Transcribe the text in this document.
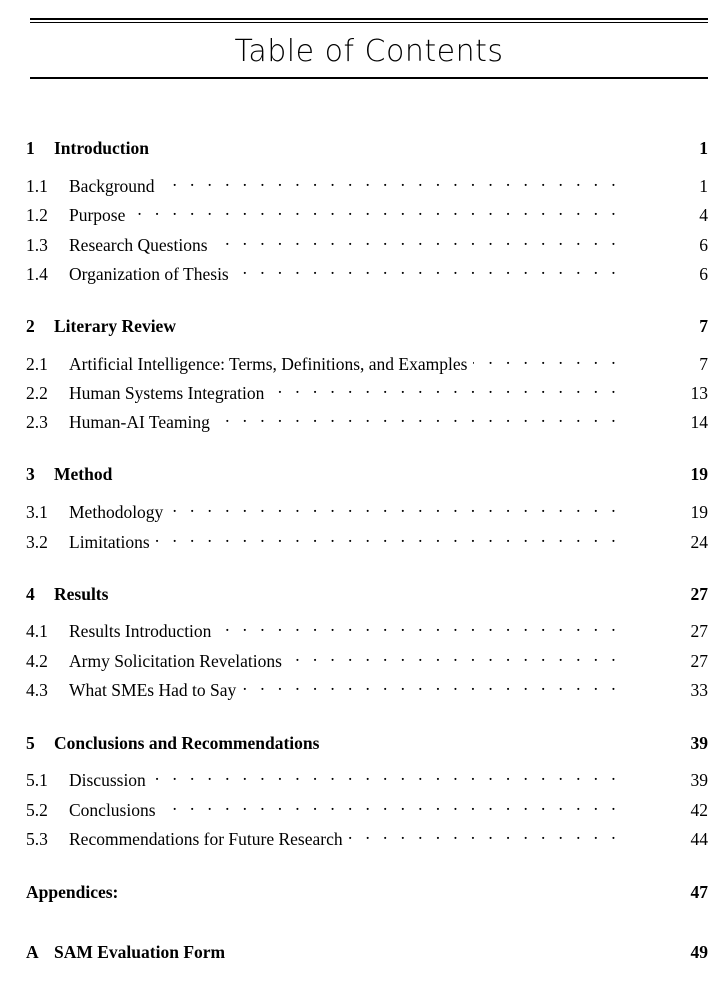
Table of Contents
1	Introduction	1
1.1	Background . . .	1
1.2	Purpose . . .	4
1.3	Research Questions . . .	6
1.4	Organization of Thesis . . .	6
2	Literary Review	7
2.1	Artificial Intelligence: Terms, Definitions, and Examples . . .	7
2.2	Human Systems Integration . . .	13
2.3	Human-AI Teaming . . .	14
3	Method	19
3.1	Methodology . . .	19
3.2	Limitations . . .	24
4	Results	27
4.1	Results Introduction . . .	27
4.2	Army Solicitation Revelations . . .	27
4.3	What SMEs Had to Say . . .	33
5	Conclusions and Recommendations	39
5.1	Discussion . . .	39
5.2	Conclusions . . .	42
5.3	Recommendations for Future Research . . .	44
Appendices:	47
A SAM Evaluation Form	49
